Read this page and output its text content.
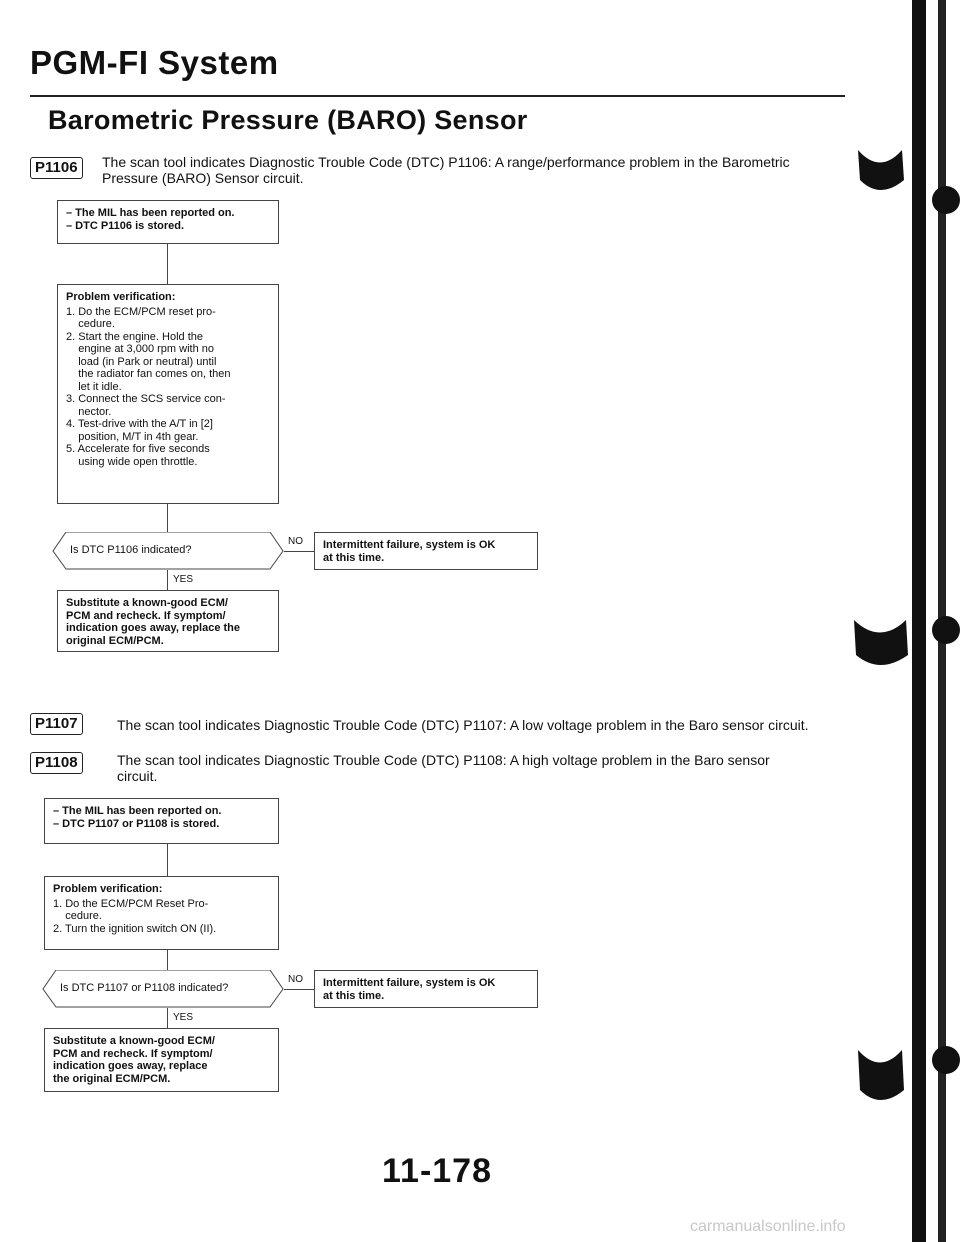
PGM-FI System
Barometric Pressure (BARO) Sensor
P1106	The scan tool indicates Diagnostic Trouble Code (DTC) P1106: A range/performance problem in the Barometric
Pressure (BARO) Sensor circuit.
– The MIL has been reported on.
– DTC P1106 is stored.
Problem verification:
1. Do the ECM/PCM reset pro-
cedure.
2. Start the engine. Hold the
engine at 3,000 rpm with no
load (in Park or neutral) until
the radiator fan comes on, then
let it idle.
3. Connect the SCS service con-
nector.
4. Test-drive with the A/T in [2]
position, M/T in 4th gear.
5. Accelerate for five seconds
using wide open throttle.
Is DTC P1106 indicated?
NO Intermittent failure, system is OK
at this time.
YES
Substitute a known-good ECM/
PCM and recheck. If symptom/
indication goes away, replace the
original ECM/PCM.
P1107	The scan tool indicates Diagnostic Trouble Code (DTC) P1107: A low voltage problem in the Baro sensor circuit.
P1108	The scan tool indicates Diagnostic Trouble Code (DTC) P1108: A high voltage problem in the Baro sensor
circuit.
– The MIL has been reported on.
– DTC P1107 or P1108 is stored.
Problem verification:
1. Do the ECM/PCM Reset Pro-
cedure.
2. Turn the ignition switch ON (II).
Is DTC P1107 or P1108 indicated?
NO Intermittent failure, system is OK
at this time.
YES
Substitute a known-good ECM/
PCM and recheck. If symptom/
indication goes away, replace
the original ECM/PCM.
11-178
carmanualsonline.info
